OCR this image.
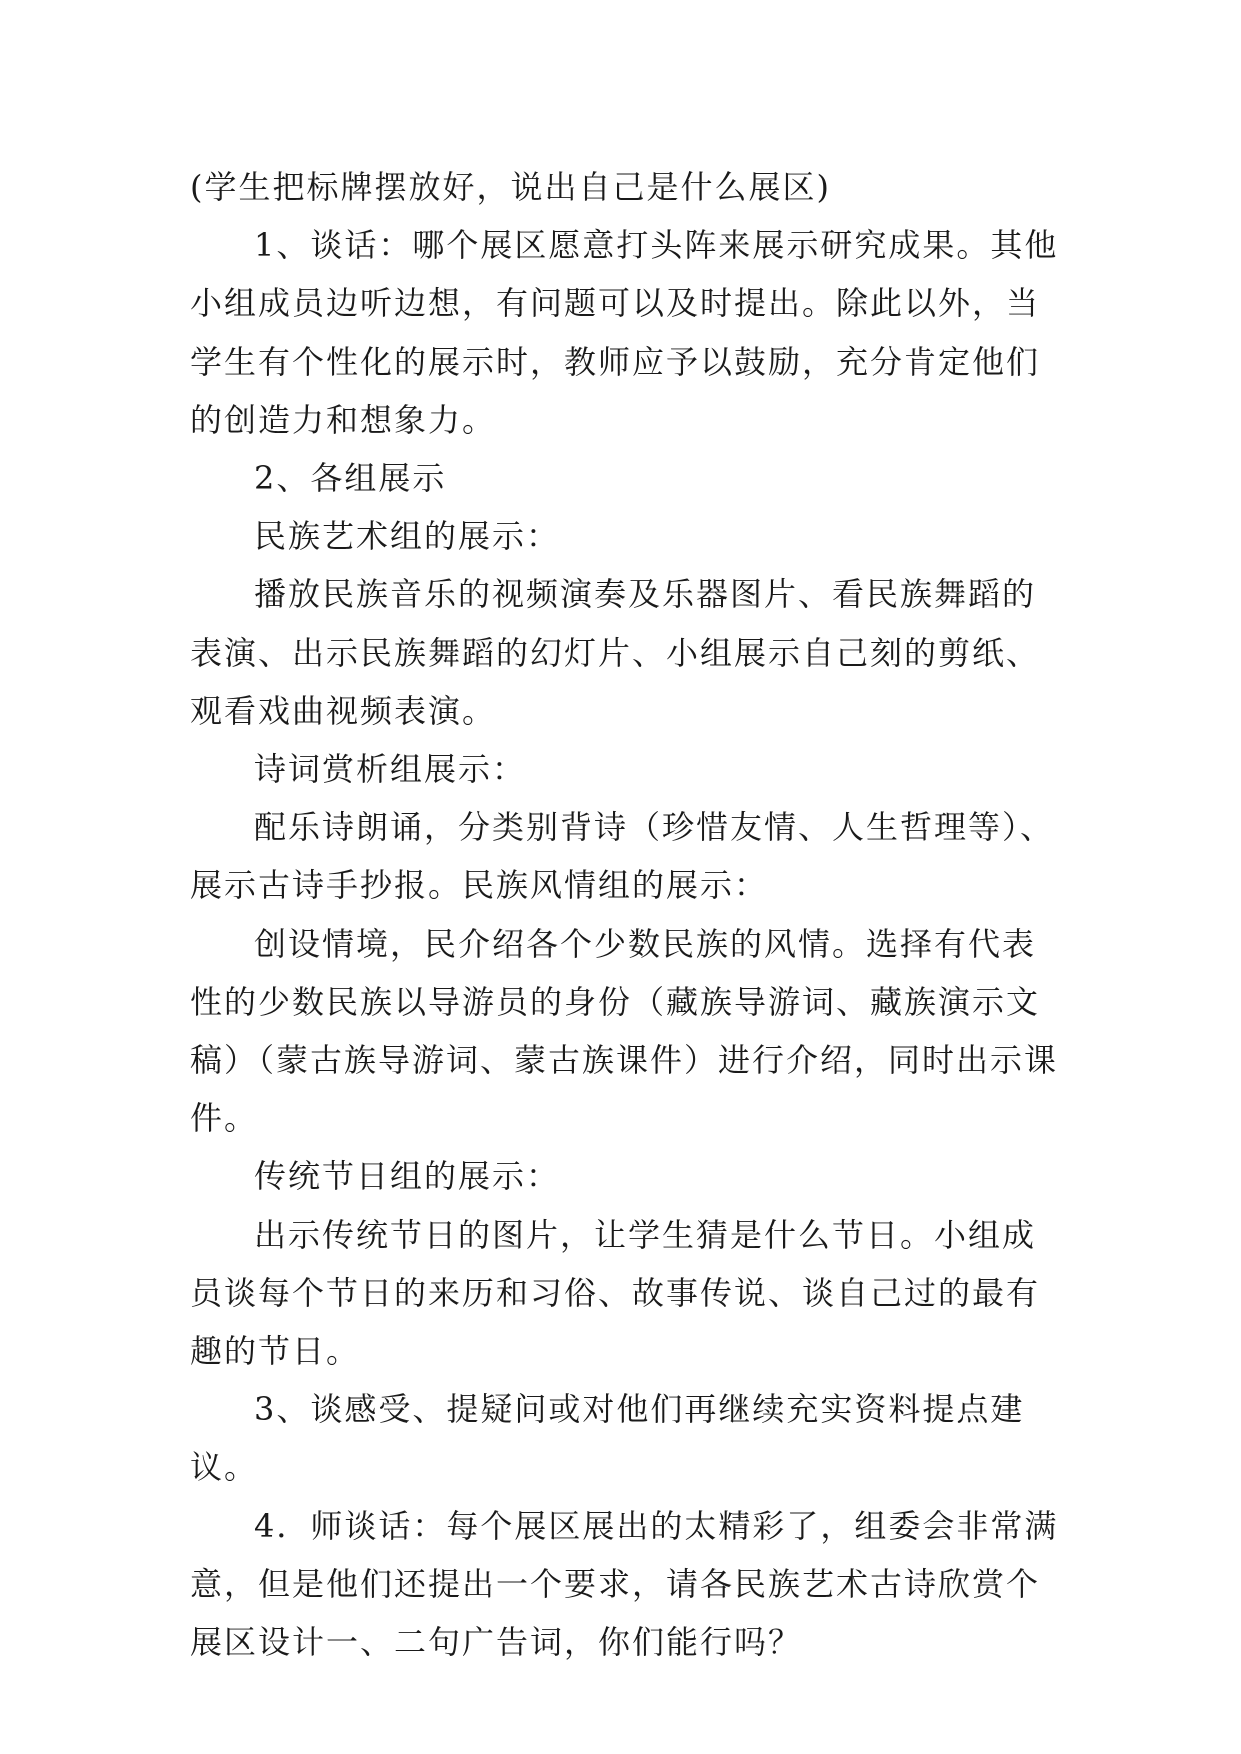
(学生把标牌摆放好，说出自己是什么展区)

1、谈话：哪个展区愿意打头阵来展示研究成果。其他小组成员边听边想，有问题可以及时提出。除此以外，当学生有个性化的展示时，教师应予以鼓励，充分肯定他们的创造力和想象力。

2、各组展示

民族艺术组的展示：

播放民族音乐的视频演奏及乐器图片、看民族舞蹈的表演、出示民族舞蹈的幻灯片、小组展示自己刻的剪纸、观看戏曲视频表演。

诗词赏析组展示：

配乐诗朗诵，分类别背诗（珍惜友情、人生哲理等）、展示古诗手抄报。民族风情组的展示：

创设情境，民介绍各个少数民族的风情。选择有代表性的少数民族以导游员的身份（藏族导游词、藏族演示文稿）（蒙古族导游词、蒙古族课件）进行介绍，同时出示课件。

传统节日组的展示：

出示传统节日的图片，让学生猜是什么节日。小组成员谈每个节日的来历和习俗、故事传说、谈自己过的最有趣的节日。

3、谈感受、提疑问或对他们再继续充实资料提点建议。

4．师谈话：每个展区展出的太精彩了，组委会非常满意，但是他们还提出一个要求，请各民族艺术古诗欣赏个展区设计一、二句广告词，你们能行吗？
